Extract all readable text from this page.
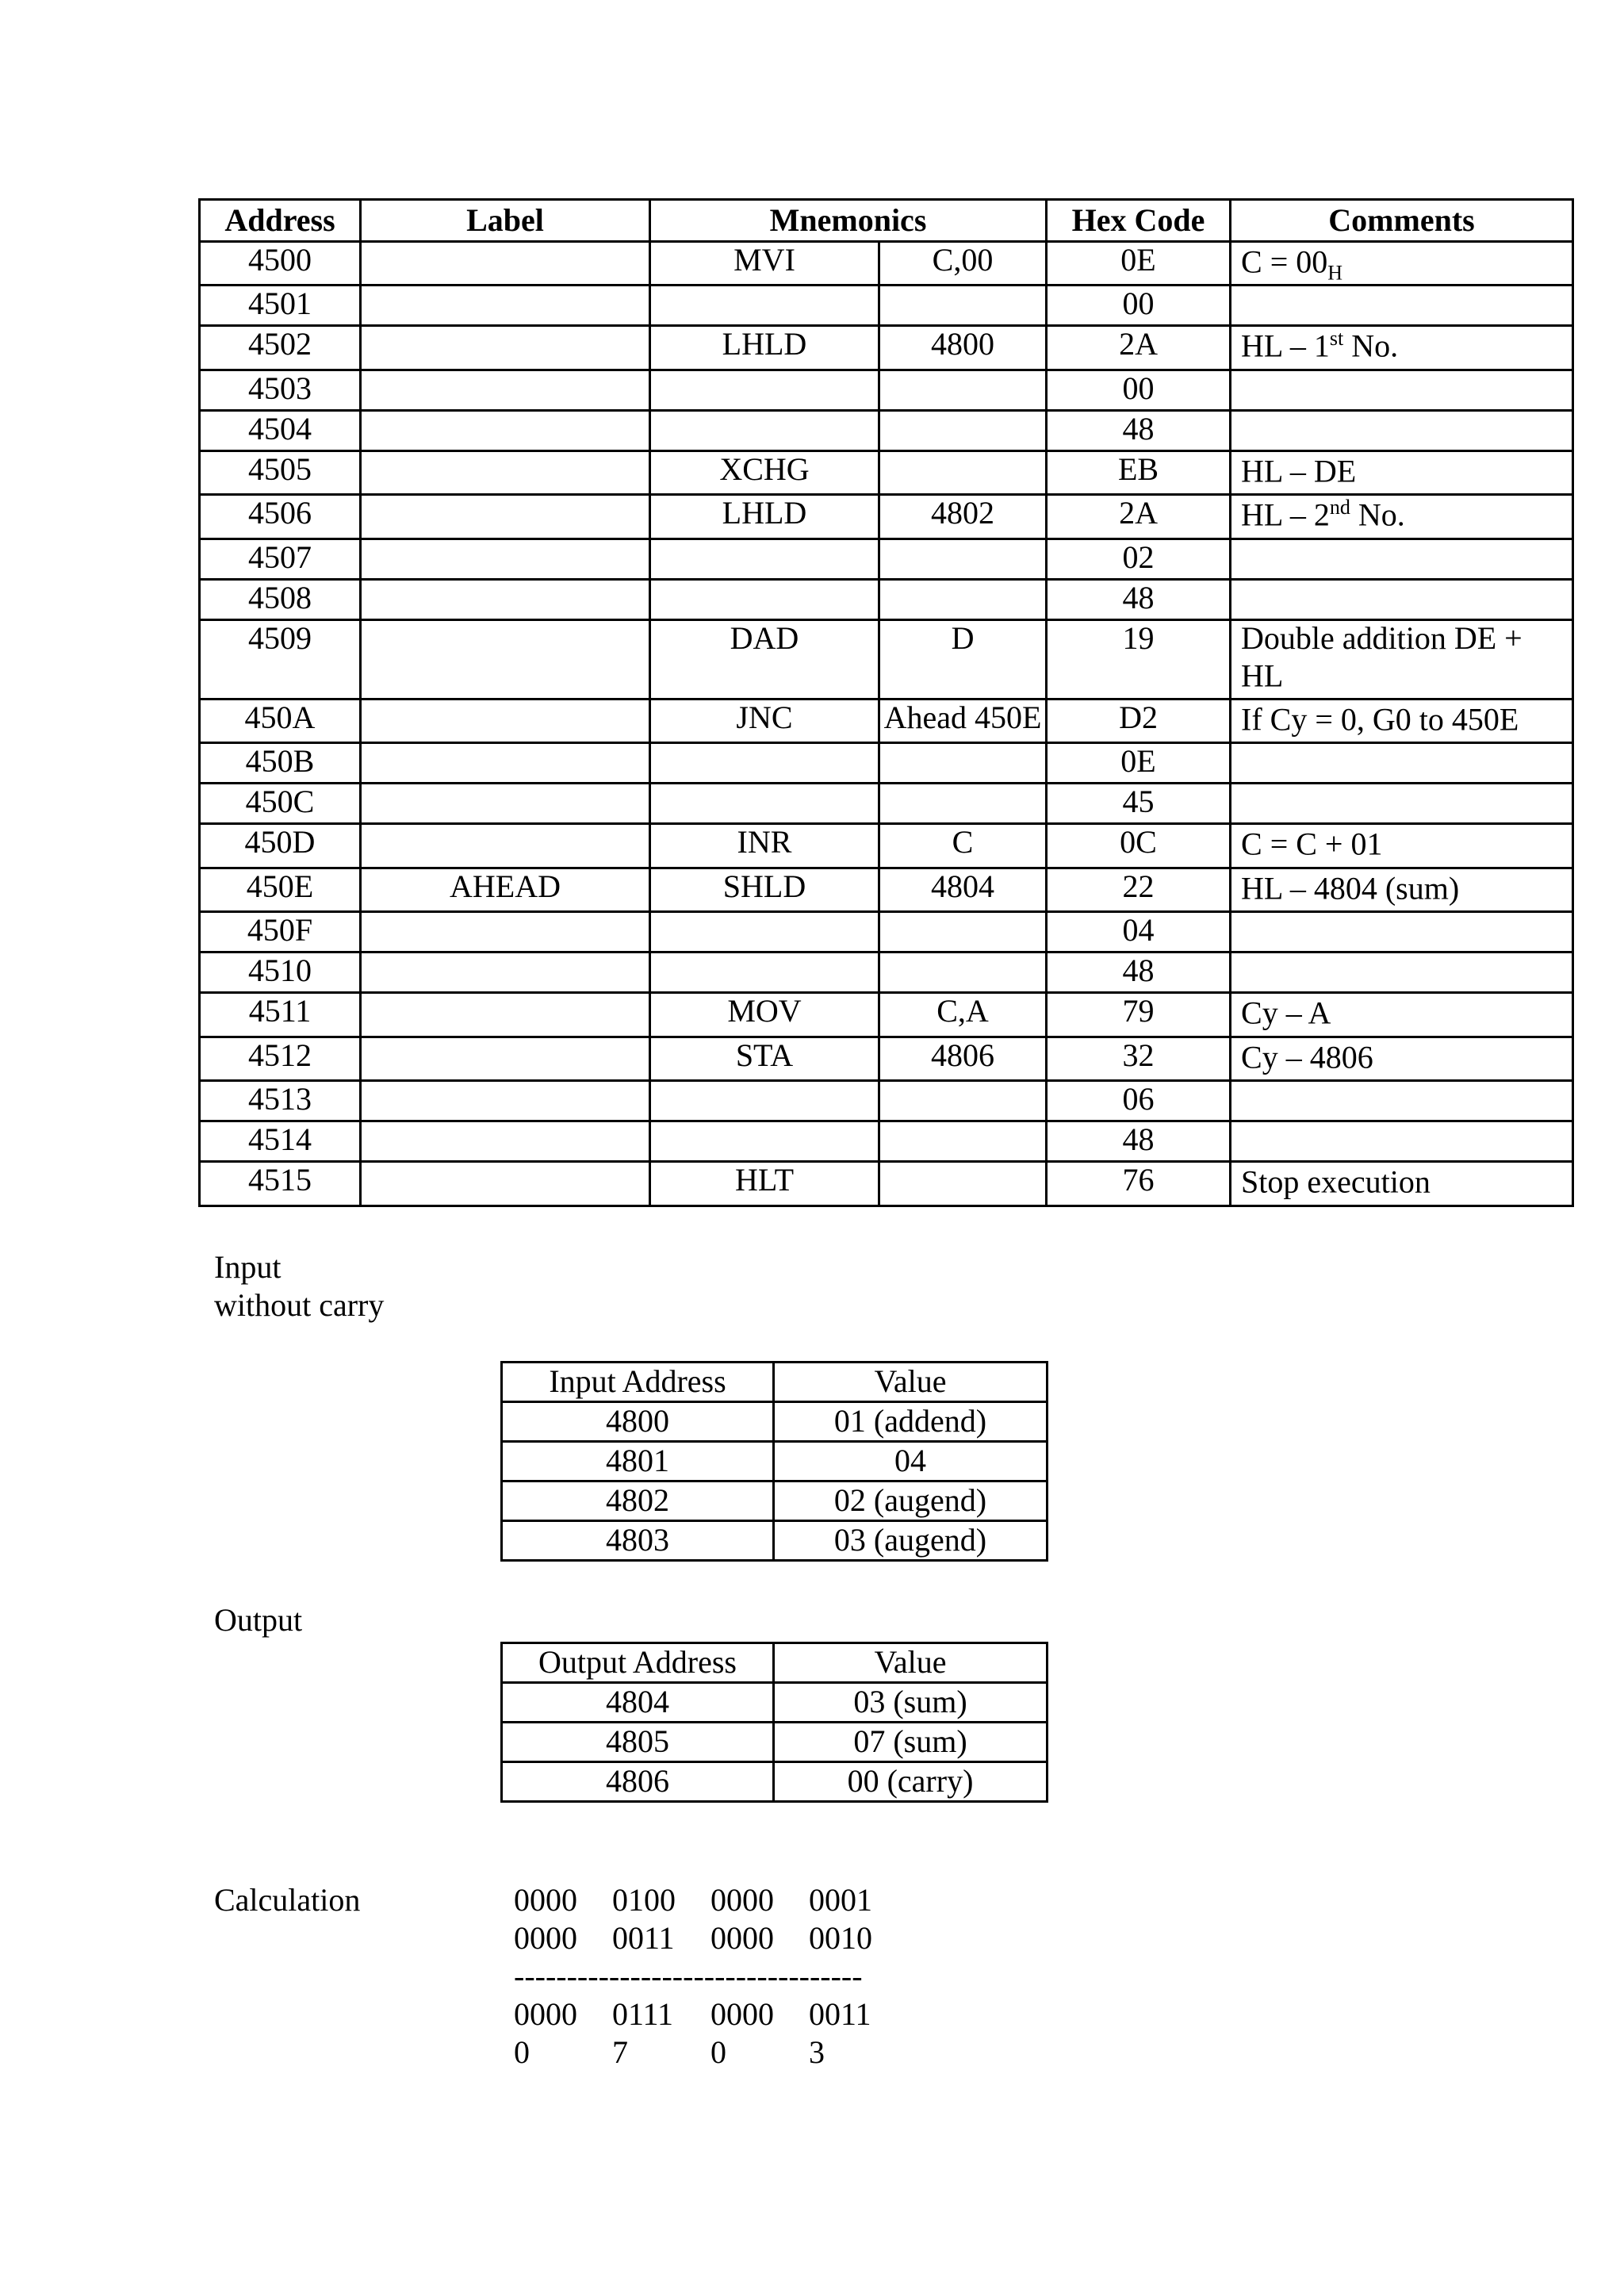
Address	Label	Mnemonics		Hex Code	Comments
4500		MVI	C,00	0E	$C = 00_H$
4501				00	
4502		LHLD	4800	2A	HL – 1st No.
4503				00	
4504				48	
4505		XCHG		EB	HL – DE
4506		LHLD	4802	2A	HL – 2nd No.
4507				02	
4508				48	
4509		DAD	D	19	Double addition DE + HL
450A		JNC	Ahead 450E	D2	If Cy = 0, G0 to 450E
450B				0E	
450C				45	
450D		INR	C	0C	C = C + 01
450E	AHEAD	SHLD	4804	22	HL – 4804 (sum)
450F				04	
4510				48	
4511		MOV	C,A	79	Cy – A
4512		STA	4806	32	Cy – 4806
4513				06	
4514				48	
4515		HLT		76	Stop execution
Input
without carry
Input Address	Value
4800	01 (addend)
4801	04
4802	02 (augend)
4803	03 (augend)
Output
Output Address	Value
4804	03 (sum)
4805	07 (sum)
4806	00 (carry)
Calculation	0000 0100 0000 0001
0000 0011 0000 0010
---------------------------------
0000 0111 0000 0011
0	7	0	3
